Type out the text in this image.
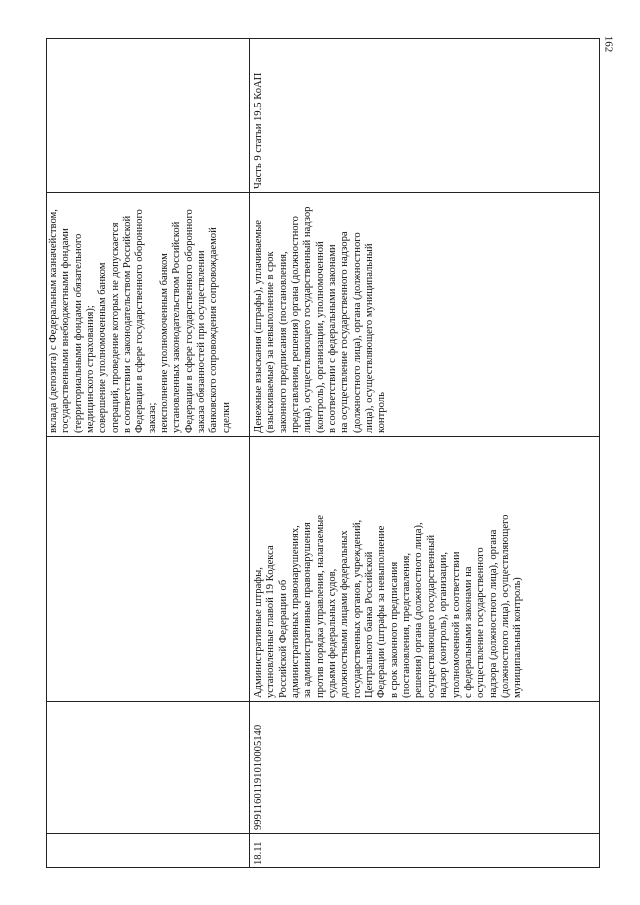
162
вклада (депозита) с Федеральным казначейством,
государственными внебюджетными фондами
(территориальными фондами обязательного
медицинского страхования);
совершение уполномоченным банком
операций, проведение которых не допускается
в соответствии с законодательством Российской
Федерации в сфере государственного оборонного
заказа;
неисполнение уполномоченным банком
установленных законодательством Российской
Федерации в сфере государственного оборонного
заказа обязанностей при осуществлении
банковского сопровождения сопровождаемой
сделки
18.11
99911601191010005140
Административные штрафы,
установленные главой 19 Кодекса
Российской Федерации об
административных правонарушениях,
за административные правонарушения
против порядка управления, налагаемые
судьями федеральных судов,
должностными лицами федеральных
государственных органов, учреждений,
Центрального банка Российской
Федерации (штрафы за невыполнение
в срок законного предписания
(постановления, представления,
решения) органа (должностного лица),
осуществляющего государственный
надзор (контроль), организации,
уполномоченной в соответствии
с федеральными законами на
осуществление государственного
надзора (должностного лица), органа
(должностного лица), осуществляющего
муниципальный контроль)
Денежные взыскания (штрафы), уплачиваемые
(взыскиваемые) за невыполнение в срок
законного предписания (постановления,
представления, решения) органа (должностного
лица), осуществляющего государственный надзор
(контроль), организации, уполномоченной
в соответствии с федеральными законами
на осуществление государственного надзора
(должностного лица), органа (должностного
лица), осуществляющего муниципальный
контроль
Часть 9 статьи 19.5 КоАП
